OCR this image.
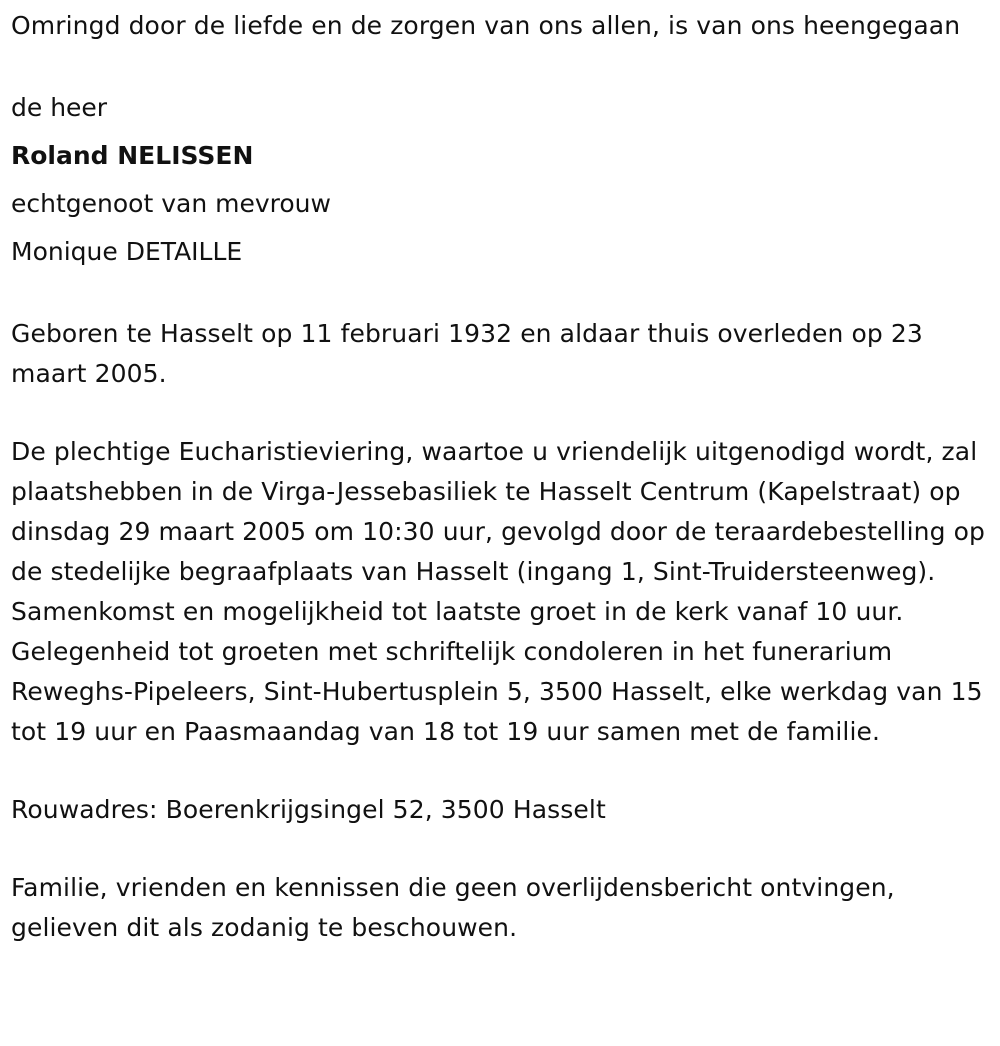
Omringd door de liefde en de zorgen van ons allen, is van ons heengegaan

de heer

Roland NELISSEN

echtgenoot van mevrouw

Monique DETAILLE

Geboren te Hasselt op 11 februari 1932 en aldaar thuis overleden op 23 maart 2005.

De plechtige Eucharistieviering, waartoe u vriendelijk uitgenodigd wordt, zal plaatshebben in de Virga-Jessebasiliek te Hasselt Centrum (Kapelstraat) op dinsdag 29 maart 2005 om 10:30 uur, gevolgd door de teraardebestelling op de stedelijke begraafplaats van Hasselt (ingang 1, Sint-Truidersteenweg). Samenkomst en mogelijkheid tot laatste groet in de kerk vanaf 10 uur. Gelegenheid tot groeten met schriftelijk condoleren in het funerarium Reweghs-Pipeleers, Sint-Hubertusplein 5, 3500 Hasselt, elke werkdag van 15 tot 19 uur en Paasmaandag van 18 tot 19 uur samen met de familie.

Rouwadres: Boerenkrijgsingel 52, 3500 Hasselt

Familie, vrienden en kennissen die geen overlijdensbericht ontvingen, gelieven dit als zodanig te beschouwen.
